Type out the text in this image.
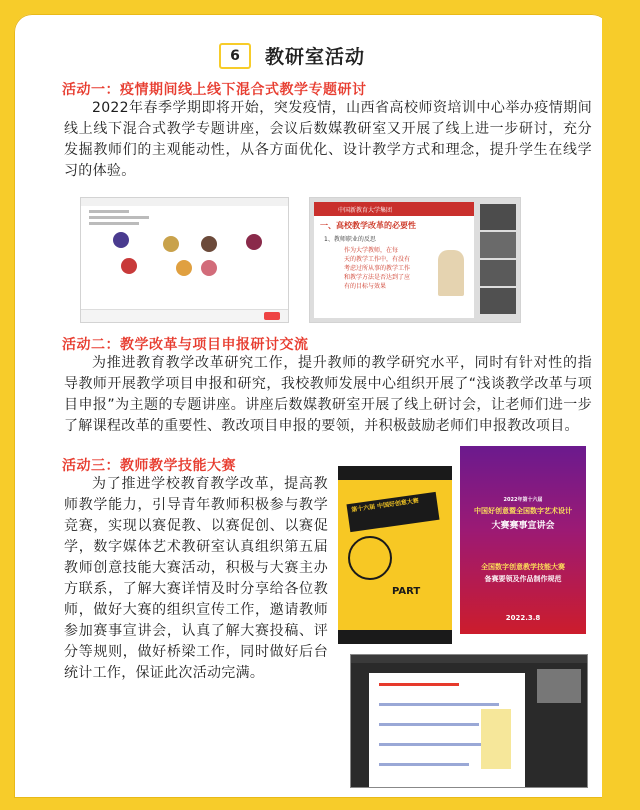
6	教研室活动
活动一：疫情期间线上线下混合式教学专题研讨
2022年春季学期即将开始，突发疫情，山西省高校师资培训中心举办疫情期间线上线下混合式教学专题讲座，会议后数媒教研室又开展了线上进一步研讨，充分发掘教师们的主观能动性，从各方面优化、设计教学方式和理念，提升学生在线学习的体验。
中国新教育大学集团
一、高校教学改革的必要性
1、教师职业的反思
作为大学教师，在每
天的教学工作中，有没有
考虑过所从事的教学工作
和教学方法是否达到了应
有的目标与效果
活动二：教学改革与项目申报研讨交流
为推进教育教学改革研究工作，提升教师的教学研究水平，同时有针对性的指导教师开展教学项目申报和研究，我校教师发展中心组织开展了“浅谈教学改革与项目申报”为主题的专题讲座。讲座后数媒教研室开展了线上研讨会，让老师们进一步了解课程改革的重要性、教改项目申报的要领，并积极鼓励老师们申报教改项目。
活动三：教师教学技能大赛
为了推进学校教育教学改革，提高教师教学能力，引导青年教师积极参与教学竞赛，实现以赛促教、以赛促创、以赛促学，数字媒体艺术教研室认真组织第五届教师创意技能大赛活动，积极与大赛主办方联系，了解大赛详情及时分享给各位教师，做好大赛的组织宣传工作，邀请教师参加赛事宣讲会，认真了解大赛投稿、评分等规则，做好桥梁工作，同时做好后台统计工作，保证此次活动完满。
第十六届 中国好创意大赛
PART
2022年第十六届
中国好创意暨全国数字艺术设计
大赛赛事宣讲会
全国数字创意教学技能大赛
备赛要领及作品制作规范
2022.3.8
